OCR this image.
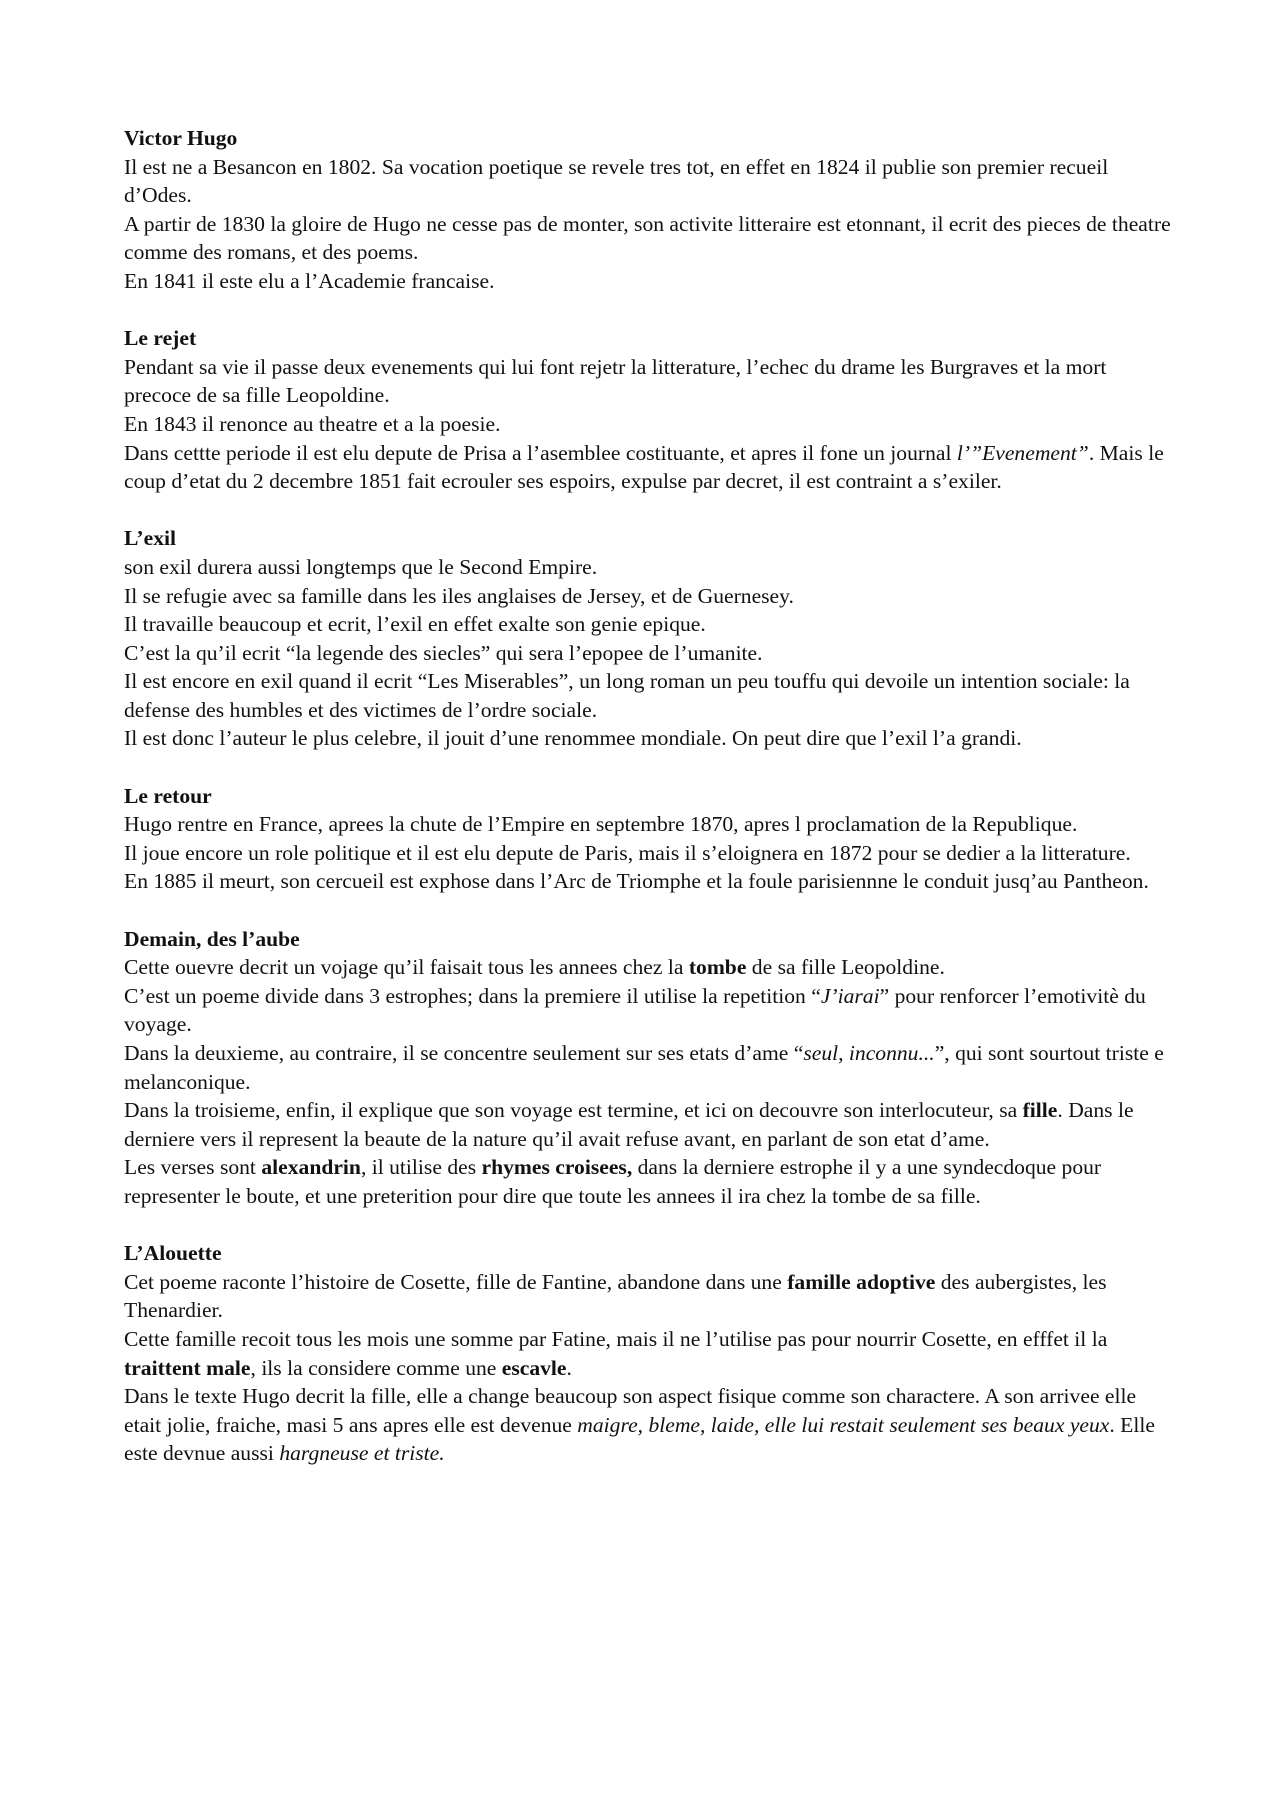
Victor Hugo
Il est ne a Besancon en 1802. Sa vocation poetique se revele tres tot, en effet en 1824 il publie son premier recueil d’Odes.
A partir de 1830 la gloire de Hugo ne cesse pas de monter, son activite litteraire est etonnant, il ecrit des pieces de theatre comme des romans, et des poems.
En 1841 il este elu a l’Academie francaise.
Le rejet
Pendant sa vie il passe deux evenements qui lui font rejetr la litterature, l’echec du drame les Burgraves et la mort precoce de sa fille Leopoldine.
En 1843 il renonce au theatre et a la poesie.
Dans cettte periode il est elu depute de Prisa a l’asemblee costituante, et apres il fone un journal l’”Evenement”. Mais le coup d’etat du 2 decembre 1851 fait ecrouler ses espoirs, expulse par decret, il est contraint a s’exiler.
L’exil
son exil durera aussi longtemps que le Second Empire.
Il se refugie avec sa famille dans les iles anglaises de Jersey, et de Guernesey.
Il travaille beaucoup et ecrit, l’exil en effet exalte son genie epique.
C’est la qu’il ecrit “la legende des siecles” qui sera l’epopee de l’umanite.
Il est encore en exil quand il ecrit “Les Miserables”, un long roman un peu touffu qui devoile un intention sociale: la defense des humbles et des victimes de l’ordre sociale.
Il est donc l’auteur le plus celebre, il jouit d’une renommee mondiale. On peut dire que l’exil l’a grandi.
Le retour
Hugo rentre en France, aprees la chute de l’Empire en septembre 1870, apres l proclamation de la Republique.
Il joue encore un role politique et il est elu depute de Paris, mais il s’eloignera en 1872 pour se dedier a la litterature.
En 1885 il meurt, son cercueil est exphose dans l’Arc de Triomphe et la foule parisiennne le conduit jusq’au Pantheon.
Demain, des l’aube
Cette ouevre decrit un vojage qu’il faisait tous les annees chez la tombe de sa fille Leopoldine.
C’est un poeme divide dans 3 estrophes; dans la premiere il utilise la repetition “J’iarai” pour renforcer l’emotivitè du voyage.
Dans la deuxieme, au contraire, il se concentre seulement sur ses etats d’ame “seul, inconnu...”, qui sont sourtout triste e melanconique.
Dans la troisieme, enfin, il explique que son voyage est termine, et ici on decouvre son interlocuteur, sa fille. Dans le derniere vers il represent la beaute de la nature qu’il avait refuse avant, en parlant de son etat d’ame.
Les verses sont alexandrin, il utilise des rhymes croisees, dans la derniere estrophe il y a une syndecdoque pour representer le boute, et une preterition pour dire que toute les annees il ira chez la tombe de sa fille.
L’Alouette
Cet poeme raconte l’histoire de Cosette, fille de Fantine, abandone dans une famille adoptive des aubergistes, les Thenardier.
Cette famille recoit tous les mois une somme par Fatine, mais il ne l’utilise pas pour nourrir Cosette, en efffet il la traittent male, ils la considere comme une escavle.
Dans le texte Hugo decrit la fille, elle a change beaucoup son aspect fisique comme son charactere. A son arrivee elle etait jolie, fraiche, masi 5 ans apres elle est devenue maigre, bleme, laide, elle lui restait seulement ses beaux yeux. Elle este devnue aussi hargneuse et triste.
